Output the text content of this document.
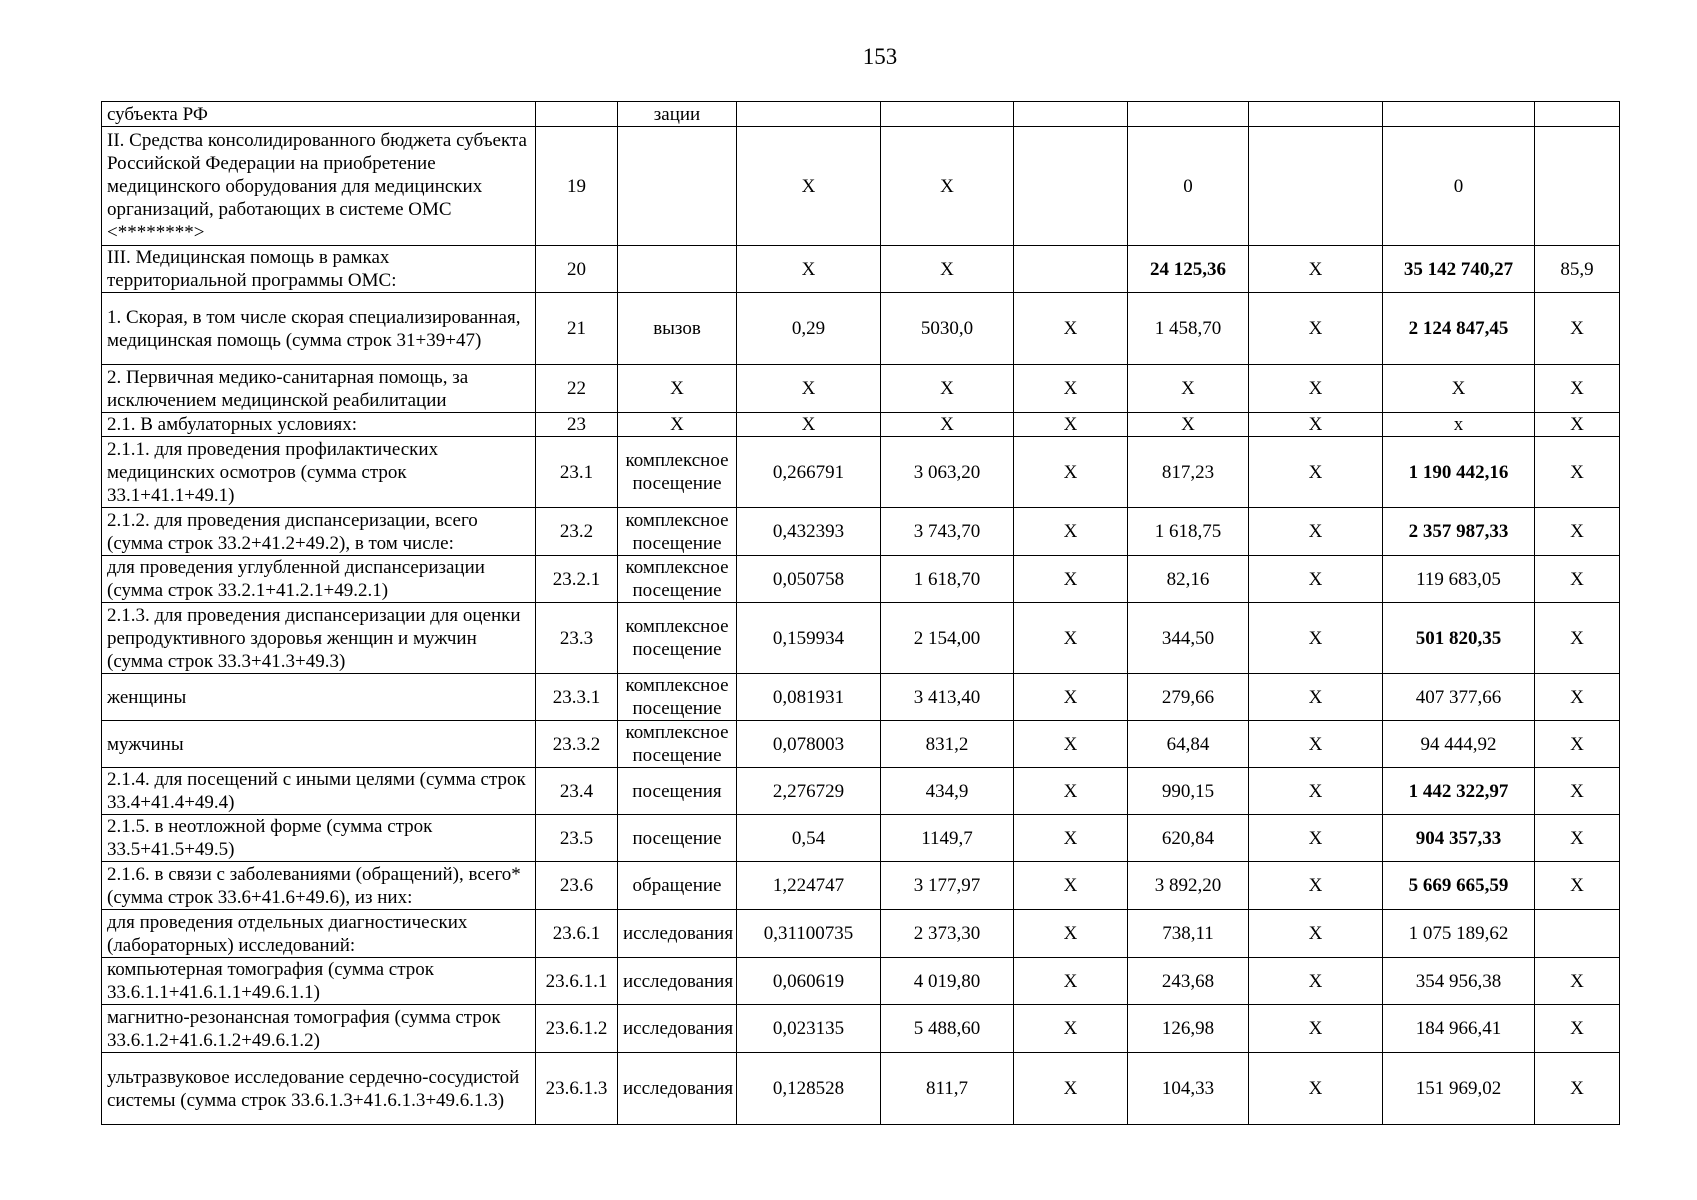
153
субъекта РФ		зации							
II. Средства консолидированного бюджета субъекта Российской Федерации на приобретение медицинского оборудования для медицинских организаций, работающих в системе ОМС <********>	19		X	X		0		0	
III. Медицинская помощь в рамках территориальной программы ОМС:	20		X	X		24 125,36	X	35 142 740,27	85,9
1. Скорая, в том числе скорая специализированная, медицинская помощь (сумма строк 31+39+47)	21	вызов	0,29	5030,0	X	1 458,70	X	2 124 847,45	X
2. Первичная медико-санитарная помощь, за исключением медицинской реабилитации	22	X	X	X	X	X	X	X	X
2.1. В амбулаторных условиях:	23	X	X	X	X	X	X	x	X
2.1.1. для проведения профилактических медицинских осмотров (сумма строк 33.1+41.1+49.1)	23.1	комплексное посещение	0,266791	3 063,20	X	817,23	X	1 190 442,16	X
2.1.2. для проведения диспансеризации, всего (сумма строк 33.2+41.2+49.2), в том числе:	23.2	комплексное посещение	0,432393	3 743,70	X	1 618,75	X	2 357 987,33	X
для проведения углубленной диспансеризации (сумма строк 33.2.1+41.2.1+49.2.1)	23.2.1	комплексное посещение	0,050758	1 618,70	X	82,16	X	119 683,05	X
2.1.3. для проведения диспансеризации для оценки репродуктивного здоровья женщин и мужчин (сумма строк 33.3+41.3+49.3)	23.3	комплексное посещение	0,159934	2 154,00	X	344,50	X	501 820,35	X
женщины	23.3.1	комплексное посещение	0,081931	3 413,40	X	279,66	X	407 377,66	X
мужчины	23.3.2	комплексное посещение	0,078003	831,2	X	64,84	X	94 444,92	X
2.1.4. для посещений с иными целями (сумма строк 33.4+41.4+49.4)	23.4	посещения	2,276729	434,9	X	990,15	X	1 442 322,97	X
2.1.5. в неотложной форме (сумма строк 33.5+41.5+49.5)	23.5	посещение	0,54	1149,7	X	620,84	X	904 357,33	X
2.1.6. в связи с заболеваниями (обращений), всего* (сумма строк 33.6+41.6+49.6), из них:	23.6	обращение	1,224747	3 177,97	X	3 892,20	X	5 669 665,59	X
для проведения отдельных диагностических (лабораторных) исследований:	23.6.1	исследования	0,31100735	2 373,30	X	738,11	X	1 075 189,62	
компьютерная томография (сумма строк 33.6.1.1+41.6.1.1+49.6.1.1)	23.6.1.1	исследования	0,060619	4 019,80	X	243,68	X	354 956,38	X
магнитно-резонансная томография (сумма строк 33.6.1.2+41.6.1.2+49.6.1.2)	23.6.1.2	исследования	0,023135	5 488,60	X	126,98	X	184 966,41	X
ультразвуковое исследование сердечно-сосудистой системы (сумма строк 33.6.1.3+41.6.1.3+49.6.1.3)	23.6.1.3	исследования	0,128528	811,7	X	104,33	X	151 969,02	X
